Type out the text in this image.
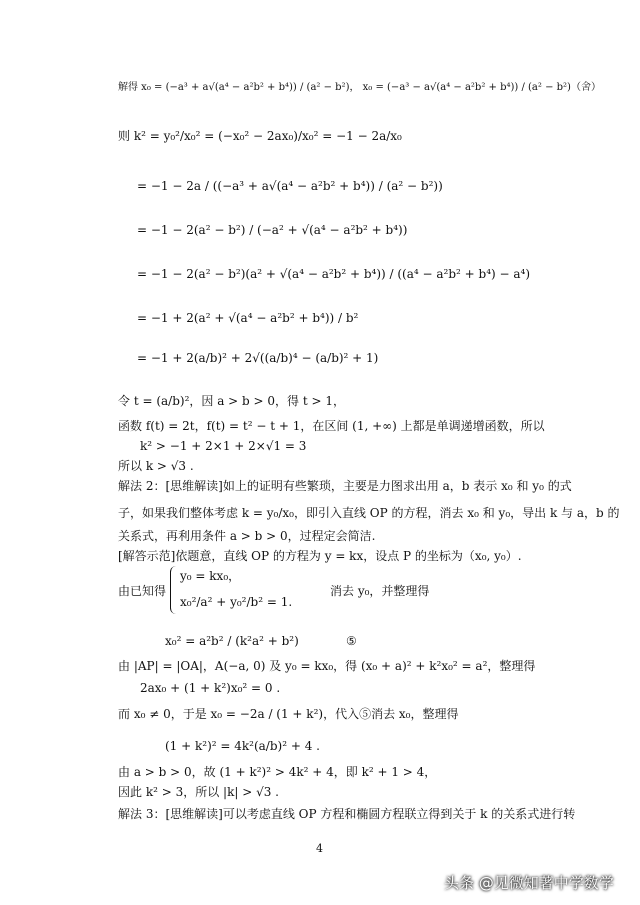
解得 x₀ = (−a³ + a√(a⁴ − a²b² + b⁴)) / (a² − b²)， x₀ = (−a³ − a√(a⁴ − a²b² + b⁴)) / (a² − b²)（舍）
则 k² = y₀²/x₀² = (−x₀² − 2ax₀)/x₀² = −1 − 2a/x₀
= −1 − 2a / ((−a³ + a√(a⁴ − a²b² + b⁴)) / (a² − b²))
= −1 − 2(a² − b²) / (−a² + √(a⁴ − a²b² + b⁴))
= −1 − 2(a² − b²)(a² + √(a⁴ − a²b² + b⁴)) / ((a⁴ − a²b² + b⁴) − a⁴)
= −1 + 2(a² + √(a⁴ − a²b² + b⁴)) / b²
= −1 + 2(a/b)² + 2√((a/b)⁴ − (a/b)² + 1)
令 t = (a/b)²，因 a > b > 0，得 t > 1，
函数 f(t) = 2t，f(t) = t² − t + 1，在区间 (1, +∞) 上都是单调递增函数，所以
k² > −1 + 2×1 + 2×√1 = 3
所以 k > √3 .
解法 2：[思维解读]如上的证明有些繁琐，主要是力图求出用 a，b 表示 x₀ 和 y₀ 的式
子，如果我们整体考虑 k = y₀/x₀，即引入直线 OP 的方程，消去 x₀ 和 y₀，导出 k 与 a，b 的
关系式，再利用条件 a > b > 0，过程定会简洁.
[解答示范]依题意，直线 OP 的方程为 y = kx，设点 P 的坐标为（x₀, y₀）.
由已知得
y₀ = kx₀，
x₀²/a² + y₀²/b² = 1.
消去 y₀，并整理得
x₀² = a²b² / (k²a² + b²)	⑤
由 |AP| = |OA|，A(−a, 0) 及 y₀ = kx₀，得 (x₀ + a)² + k²x₀² = a²，整理得
2ax₀ + (1 + k²)x₀² = 0 .
而 x₀ ≠ 0，于是 x₀ = −2a / (1 + k²)，代入⑤消去 x₀，整理得
(1 + k²)² = 4k²(a/b)² + 4 .
由 a > b > 0，故 (1 + k²)² > 4k² + 4，即 k² + 1 > 4，
因此 k² > 3，所以 |k| > √3 .
解法 3：[思维解读]可以考虑直线 OP 方程和椭圆方程联立得到关于 k 的关系式进行转
4
头条 @见微知著中学数学
